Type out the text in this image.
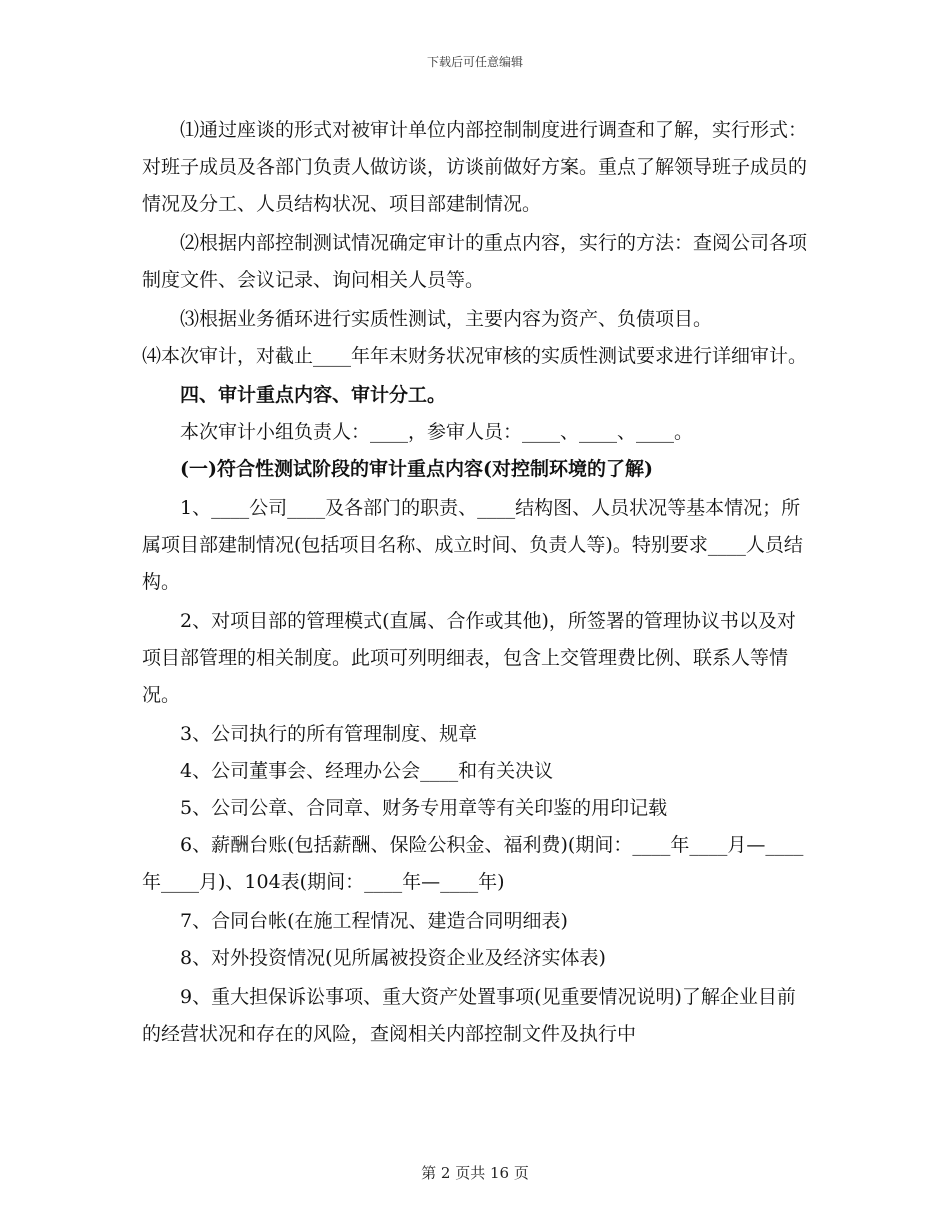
下载后可任意编辑

⑴通过座谈的形式对被审计单位内部控制制度进行调查和了解，实行形式：对班子成员及各部门负责人做访谈，访谈前做好方案。重点了解领导班子成员的情况及分工、人员结构状况、项目部建制情况。

⑵根据内部控制测试情况确定审计的重点内容，实行的方法：查阅公司各项制度文件、会议记录、询问相关人员等。

⑶根据业务循环进行实质性测试，主要内容为资产、负债项目。

⑷本次审计，对截止____年年末财务状况审核的实质性测试要求进行详细审计。

四、审计重点内容、审计分工。

本次审计小组负责人：____，参审人员：____、____、____。

(一)符合性测试阶段的审计重点内容(对控制环境的了解)

1、____公司____及各部门的职责、____结构图、人员状况等基本情况；所属项目部建制情况(包括项目名称、成立时间、负责人等)。特别要求____人员结构。

2、对项目部的管理模式(直属、合作或其他)，所签署的管理协议书以及对项目部管理的相关制度。此项可列明细表，包含上交管理费比例、联系人等情况。

3、公司执行的所有管理制度、规章

4、公司董事会、经理办公会____和有关决议

5、公司公章、合同章、财务专用章等有关印鉴的用印记载

6、薪酬台账(包括薪酬、保险公积金、福利费)(期间：____年____月—____年____月)、104表(期间：____年—____年)

7、合同台帐(在施工程情况、建造合同明细表)

8、对外投资情况(见所属被投资企业及经济实体表)

9、重大担保诉讼事项、重大资产处置事项(见重要情况说明)了解企业目前的经营状况和存在的风险，查阅相关内部控制文件及执行中

第 2 页共 16 页
